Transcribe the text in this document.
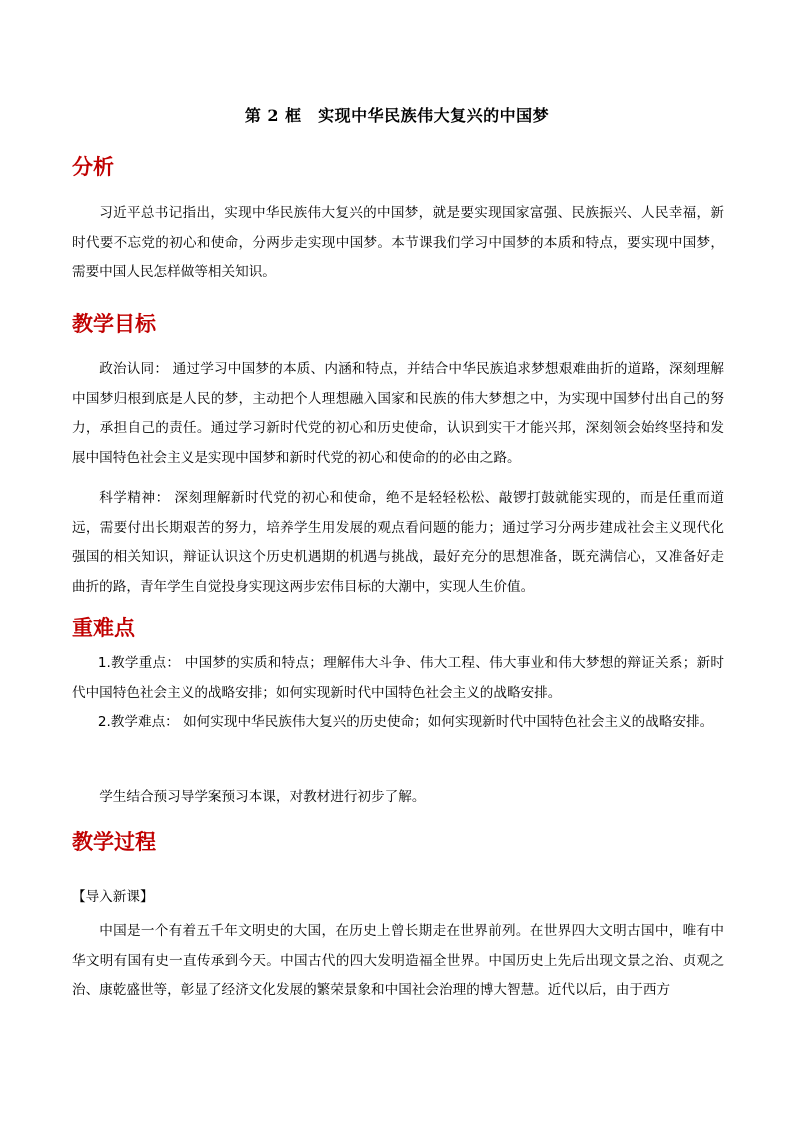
第 2 框　实现中华民族伟大复兴的中国梦
分析
习近平总书记指出，实现中华民族伟大复兴的中国梦，就是要实现国家富强、民族振兴、人民幸福，新时代要不忘党的初心和使命，分两步走实现中国梦。本节课我们学习中国梦的本质和特点，要实现中国梦，需要中国人民怎样做等相关知识。
教学目标
政治认同： 通过学习中国梦的本质、内涵和特点，并结合中华民族追求梦想艰难曲折的道路，深刻理解中国梦归根到底是人民的梦，主动把个人理想融入国家和民族的伟大梦想之中，为实现中国梦付出自己的努力，承担自己的责任。通过学习新时代党的初心和历史使命，认识到实干才能兴邦，深刻领会始终坚持和发展中国特色社会主义是实现中国梦和新时代党的初心和使命的的必由之路。
科学精神： 深刻理解新时代党的初心和使命，绝不是轻轻松松、敲锣打鼓就能实现的，而是任重而道远，需要付出长期艰苦的努力，培养学生用发展的观点看问题的能力；通过学习分两步建成社会主义现代化强国的相关知识，辩证认识这个历史机遇期的机遇与挑战，最好充分的思想准备，既充满信心，又准备好走曲折的路，青年学生自觉投身实现这两步宏伟目标的大潮中，实现人生价值。
重难点
1.教学重点： 中国梦的实质和特点；理解伟大斗争、伟大工程、伟大事业和伟大梦想的辩证关系；新时代中国特色社会主义的战略安排；如何实现新时代中国特色社会主义的战略安排。
2.教学难点： 如何实现中华民族伟大复兴的历史使命；如何实现新时代中国特色社会主义的战略安排。
学生结合预习导学案预习本课，对教材进行初步了解。
教学过程
【导入新课】
中国是一个有着五千年文明史的大国，在历史上曾长期走在世界前列。在世界四大文明古国中，唯有中华文明有国有史一直传承到今天。中国古代的四大发明造福全世界。中国历史上先后出现文景之治、贞观之治、康乾盛世等，彰显了经济文化发展的繁荣景象和中国社会治理的博大智慧。近代以后，由于西方
